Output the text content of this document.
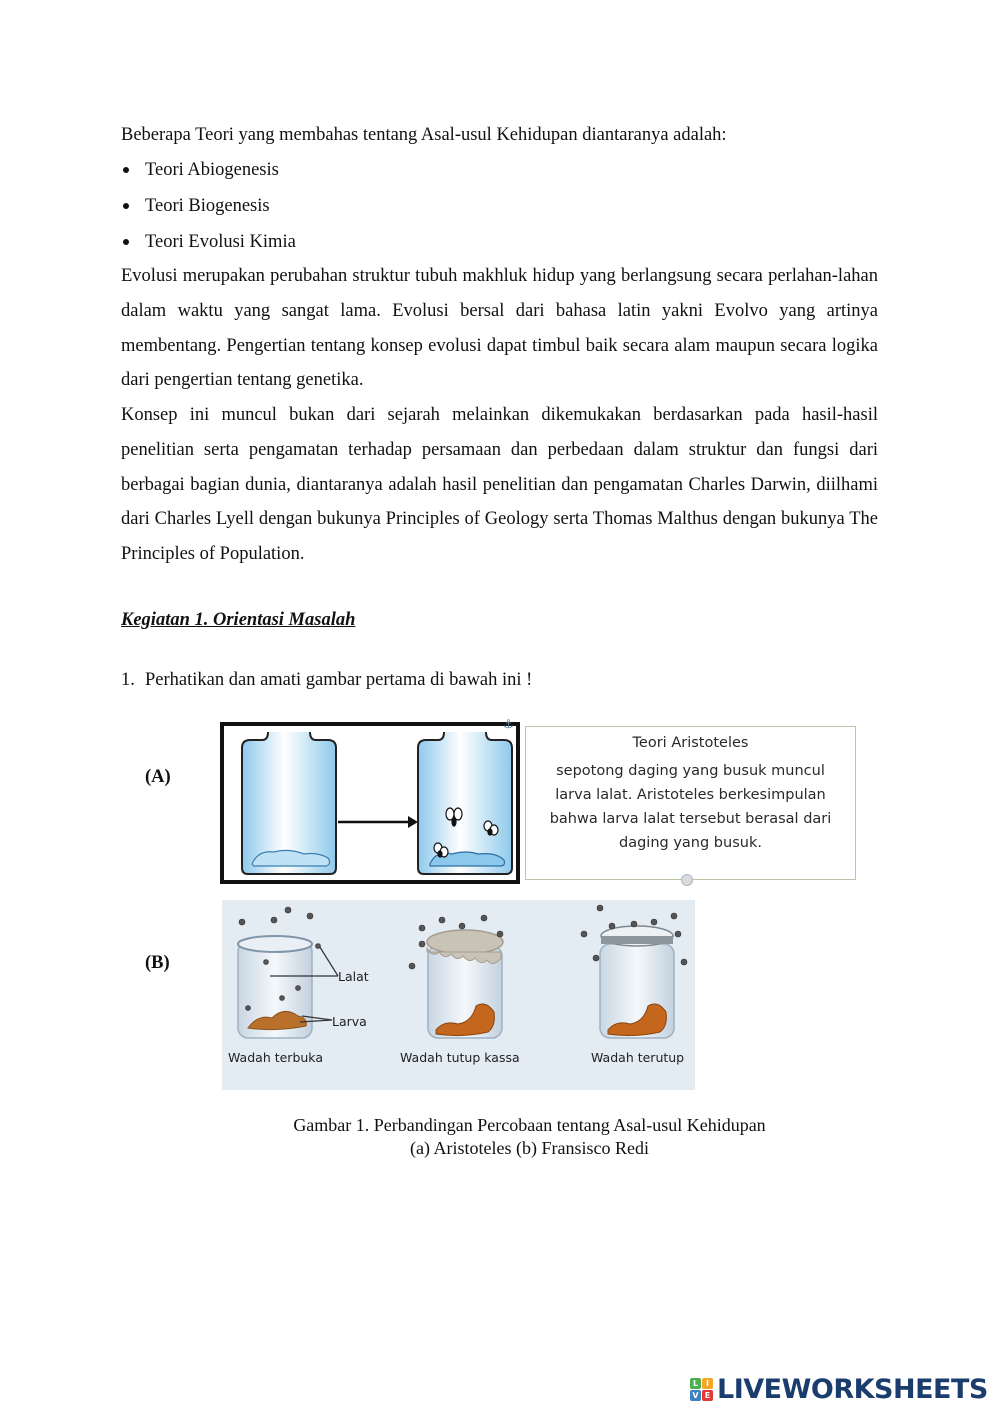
Beberapa Teori yang membahas tentang Asal-usul Kehidupan diantaranya adalah:
Teori Abiogenesis
Teori Biogenesis
Teori Evolusi Kimia
Evolusi merupakan perubahan struktur tubuh makhluk hidup yang berlangsung secara perlahan-lahan dalam waktu yang sangat lama. Evolusi bersal dari bahasa latin yakni Evolvo yang artinya membentang. Pengertian tentang konsep evolusi dapat timbul baik secara alam maupun secara logika dari pengertian tentang genetika.
Konsep ini muncul bukan dari sejarah melainkan dikemukakan berdasarkan pada hasil-hasil penelitian serta pengamatan terhadap persamaan dan perbedaan dalam struktur dan fungsi dari berbagai bagian dunia, diantaranya adalah hasil penelitian dan pengamatan Charles Darwin, diilhami dari Charles Lyell dengan bukunya Principles of Geology serta Thomas Malthus dengan bukunya The Principles of Population.
Kegiatan 1. Orientasi Masalah
1. Perhatikan dan amati gambar pertama di bawah ini !
(A)
(B)
⚓
Teori Aristoteles
sepotong daging yang busuk muncul larva lalat. Aristoteles berkesimpulan bahwa larva lalat tersebut berasal dari daging yang busuk.
Lalat
Larva
Wadah terbuka	Wadah tutup kassa	Wadah terutup
Gambar 1. Perbandingan Percobaan tentang Asal-usul Kehidupan
(a) Aristoteles (b) Fransisco Redi
L I
V E LIVEWORKSHEETS
